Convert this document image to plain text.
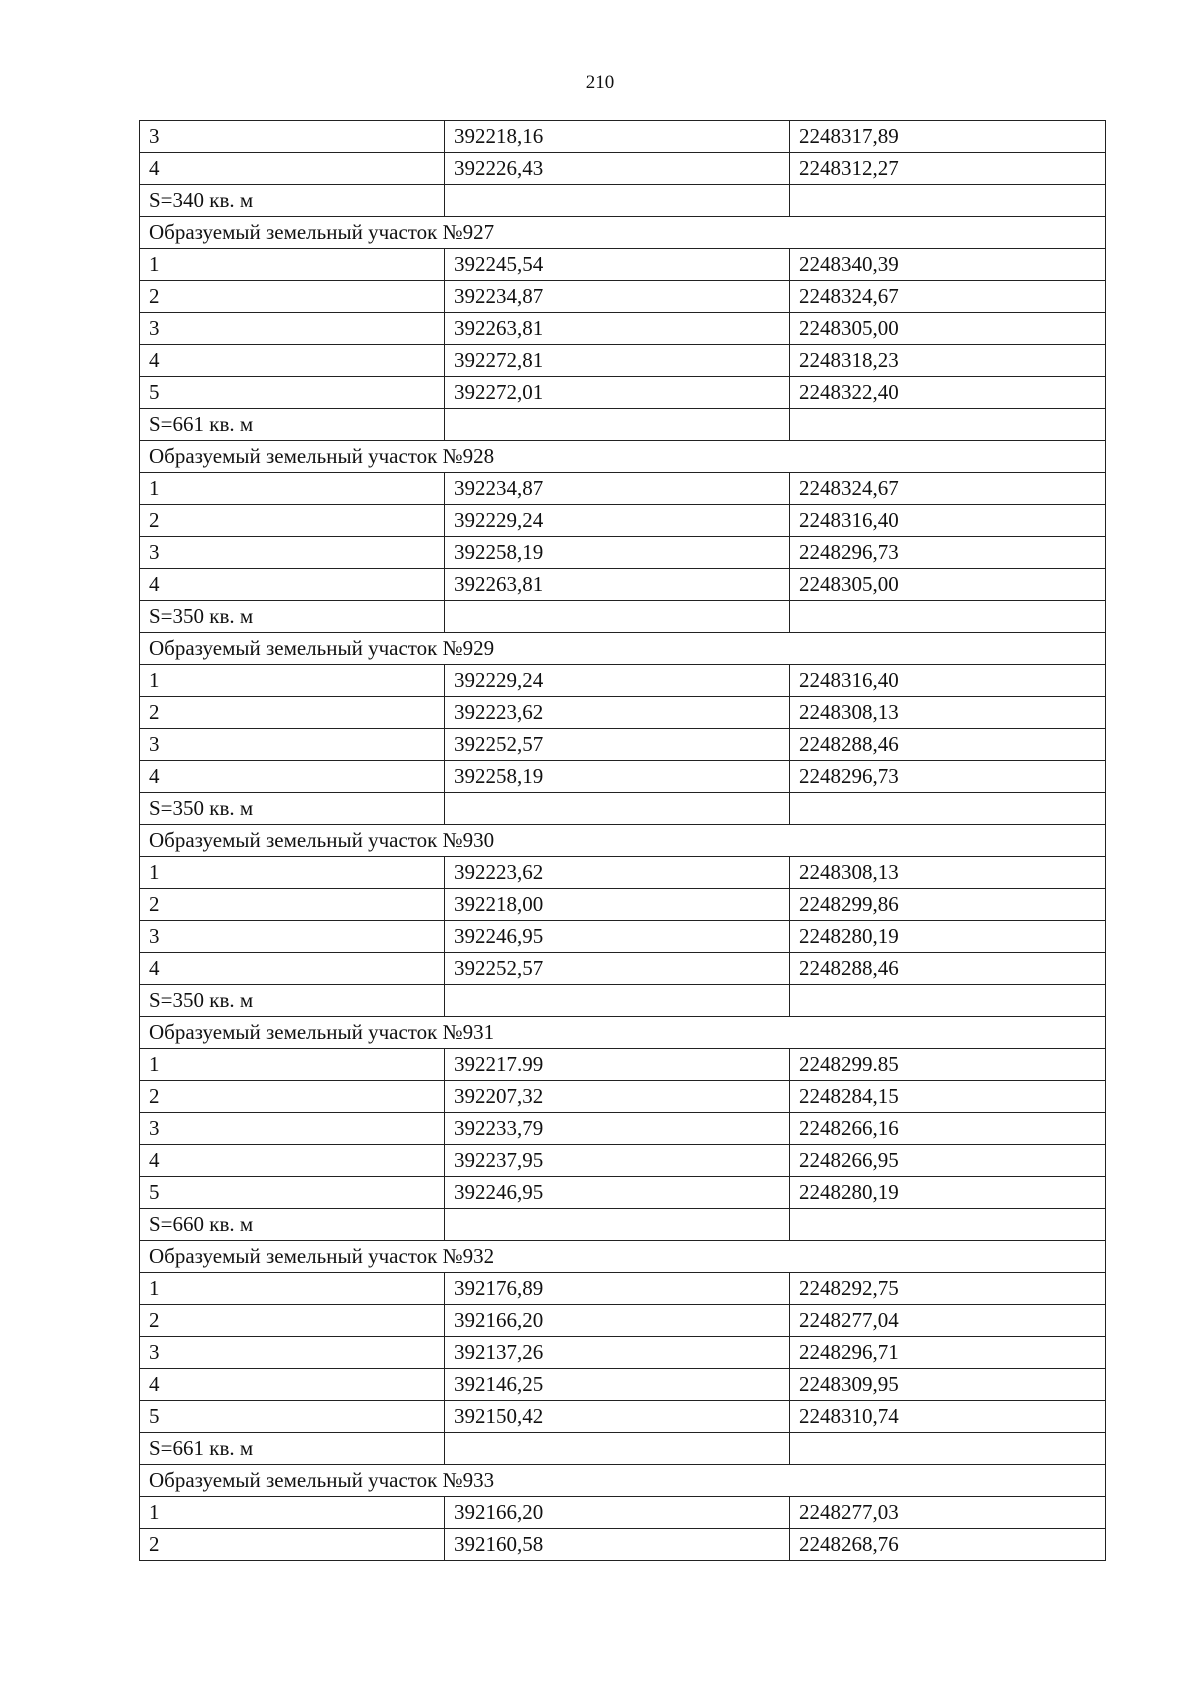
210
3	392218,16	2248317,89
4	392226,43	2248312,27
S=340 кв. м		
Образуемый земельный участок №927		
1	392245,54	2248340,39
2	392234,87	2248324,67
3	392263,81	2248305,00
4	392272,81	2248318,23
5	392272,01	2248322,40
S=661 кв. м		
Образуемый земельный участок №928		
1	392234,87	2248324,67
2	392229,24	2248316,40
3	392258,19	2248296,73
4	392263,81	2248305,00
S=350 кв. м		
Образуемый земельный участок №929		
1	392229,24	2248316,40
2	392223,62	2248308,13
3	392252,57	2248288,46
4	392258,19	2248296,73
S=350 кв. м		
Образуемый земельный участок №930		
1	392223,62	2248308,13
2	392218,00	2248299,86
3	392246,95	2248280,19
4	392252,57	2248288,46
S=350 кв. м		
Образуемый земельный участок №931		
1	392217.99	2248299.85
2	392207,32	2248284,15
3	392233,79	2248266,16
4	392237,95	2248266,95
5	392246,95	2248280,19
S=660 кв. м		
Образуемый земельный участок №932		
1	392176,89	2248292,75
2	392166,20	2248277,04
3	392137,26	2248296,71
4	392146,25	2248309,95
5	392150,42	2248310,74
S=661 кв. м		
Образуемый земельный участок №933		
1	392166,20	2248277,03
2	392160,58	2248268,76
